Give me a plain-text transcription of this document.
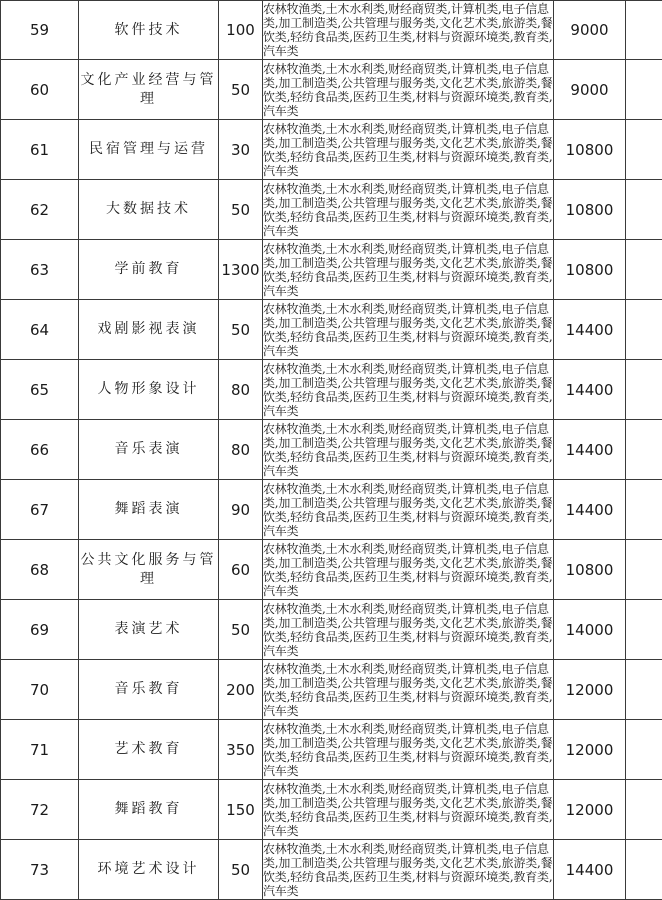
59	软件技术	100	农林牧渔类,土木水利类,财经商贸类,计算机类,电子信息类,加工制造类,公共管理与服务类,文化艺术类,旅游类,餐饮类,轻纺食品类,医药卫生类,材料与资源环境类,教育类,汽车类	9000	
60	文化产业经营与管理	50	农林牧渔类,土木水利类,财经商贸类,计算机类,电子信息类,加工制造类,公共管理与服务类,文化艺术类,旅游类,餐饮类,轻纺食品类,医药卫生类,材料与资源环境类,教育类,汽车类	9000	
61	民宿管理与运营	30	农林牧渔类,土木水利类,财经商贸类,计算机类,电子信息类,加工制造类,公共管理与服务类,文化艺术类,旅游类,餐饮类,轻纺食品类,医药卫生类,材料与资源环境类,教育类,汽车类	10800	
62	大数据技术	50	农林牧渔类,土木水利类,财经商贸类,计算机类,电子信息类,加工制造类,公共管理与服务类,文化艺术类,旅游类,餐饮类,轻纺食品类,医药卫生类,材料与资源环境类,教育类,汽车类	10800	
63	学前教育	1300	农林牧渔类,土木水利类,财经商贸类,计算机类,电子信息类,加工制造类,公共管理与服务类,文化艺术类,旅游类,餐饮类,轻纺食品类,医药卫生类,材料与资源环境类,教育类,汽车类	10800	
64	戏剧影视表演	50	农林牧渔类,土木水利类,财经商贸类,计算机类,电子信息类,加工制造类,公共管理与服务类,文化艺术类,旅游类,餐饮类,轻纺食品类,医药卫生类,材料与资源环境类,教育类,汽车类	14400	
65	人物形象设计	80	农林牧渔类,土木水利类,财经商贸类,计算机类,电子信息类,加工制造类,公共管理与服务类,文化艺术类,旅游类,餐饮类,轻纺食品类,医药卫生类,材料与资源环境类,教育类,汽车类	14400	
66	音乐表演	80	农林牧渔类,土木水利类,财经商贸类,计算机类,电子信息类,加工制造类,公共管理与服务类,文化艺术类,旅游类,餐饮类,轻纺食品类,医药卫生类,材料与资源环境类,教育类,汽车类	14400	
67	舞蹈表演	90	农林牧渔类,土木水利类,财经商贸类,计算机类,电子信息类,加工制造类,公共管理与服务类,文化艺术类,旅游类,餐饮类,轻纺食品类,医药卫生类,材料与资源环境类,教育类,汽车类	14400	
68	公共文化服务与管理	60	农林牧渔类,土木水利类,财经商贸类,计算机类,电子信息类,加工制造类,公共管理与服务类,文化艺术类,旅游类,餐饮类,轻纺食品类,医药卫生类,材料与资源环境类,教育类,汽车类	10800	
69	表演艺术	50	农林牧渔类,土木水利类,财经商贸类,计算机类,电子信息类,加工制造类,公共管理与服务类,文化艺术类,旅游类,餐饮类,轻纺食品类,医药卫生类,材料与资源环境类,教育类,汽车类	14000	
70	音乐教育	200	农林牧渔类,土木水利类,财经商贸类,计算机类,电子信息类,加工制造类,公共管理与服务类,文化艺术类,旅游类,餐饮类,轻纺食品类,医药卫生类,材料与资源环境类,教育类,汽车类	12000	
71	艺术教育	350	农林牧渔类,土木水利类,财经商贸类,计算机类,电子信息类,加工制造类,公共管理与服务类,文化艺术类,旅游类,餐饮类,轻纺食品类,医药卫生类,材料与资源环境类,教育类,汽车类	12000	
72	舞蹈教育	150	农林牧渔类,土木水利类,财经商贸类,计算机类,电子信息类,加工制造类,公共管理与服务类,文化艺术类,旅游类,餐饮类,轻纺食品类,医药卫生类,材料与资源环境类,教育类,汽车类	12000	
73	环境艺术设计	50	农林牧渔类,土木水利类,财经商贸类,计算机类,电子信息类,加工制造类,公共管理与服务类,文化艺术类,旅游类,餐饮类,轻纺食品类,医药卫生类,材料与资源环境类,教育类,汽车类	14400	
